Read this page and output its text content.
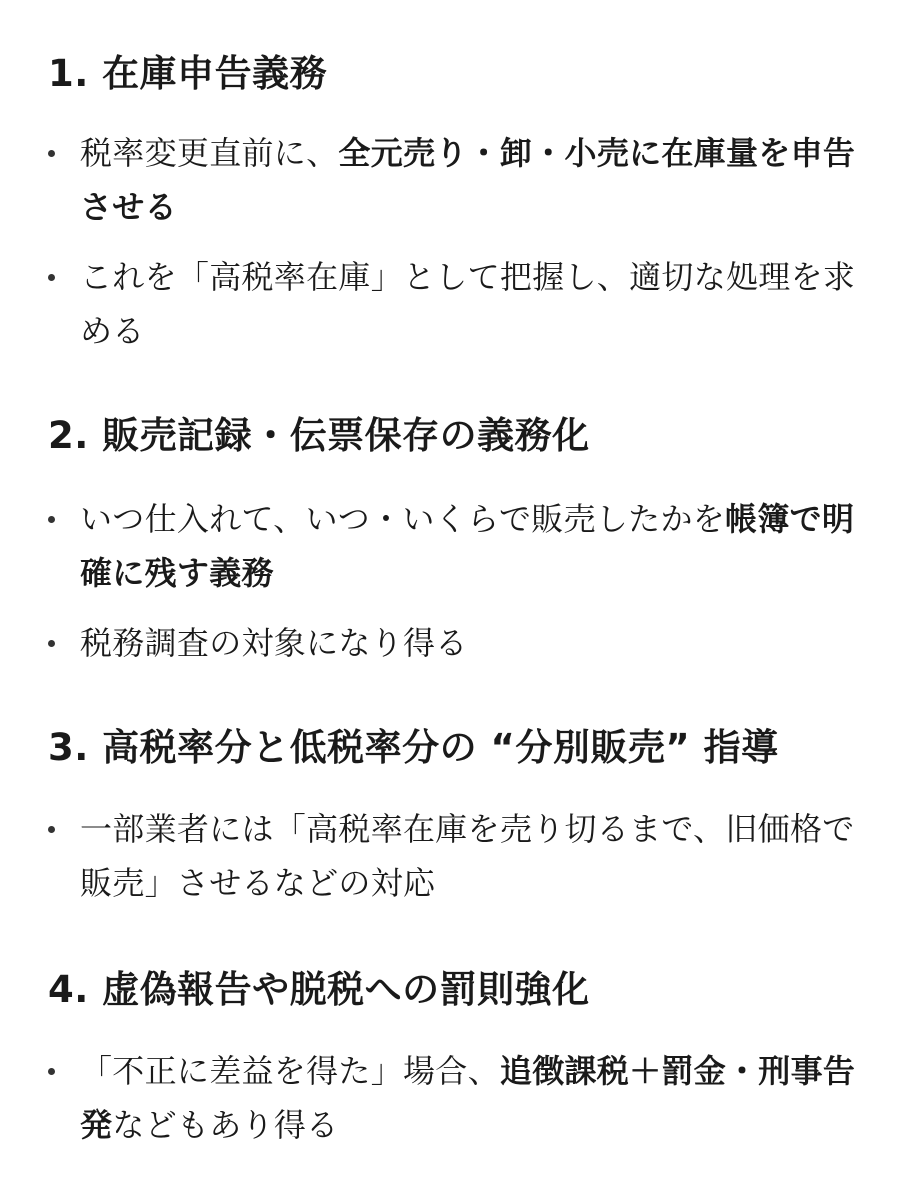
1. 在庫申告義務
税率変更直前に、全元売り・卸・小売に在庫量を申告させる
これを「高税率在庫」として把握し、適切な処理を求める
2. 販売記録・伝票保存の義務化
いつ仕入れて、いつ・いくらで販売したかを帳簿で明確に残す義務
税務調査の対象になり得る
3. 高税率分と低税率分の “分別販売” 指導
一部業者には「高税率在庫を売り切るまで、旧価格で販売」させるなどの対応
4. 虚偽報告や脱税への罰則強化
「不正に差益を得た」場合、追徴課税＋罰金・刑事告発などもあり得る
